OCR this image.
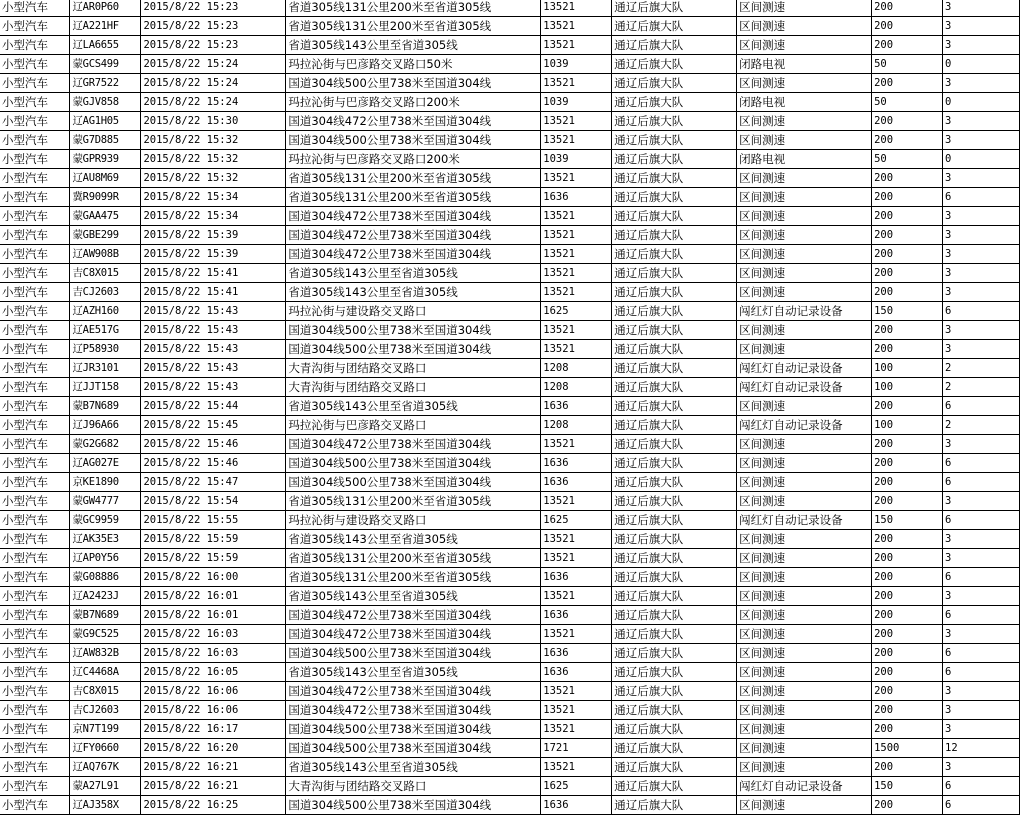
小型汽车	辽AR0P60	2015/8/22 15:23	省道305线131公里200米至省道305线	13521	通辽后旗大队	区间测速	200	3
小型汽车	辽A221HF	2015/8/22 15:23	省道305线131公里200米至省道305线	13521	通辽后旗大队	区间测速	200	3
小型汽车	辽LA6655	2015/8/22 15:23	省道305线143公里至省道305线	13521	通辽后旗大队	区间测速	200	3
小型汽车	蒙GCS499	2015/8/22 15:24	玛拉沁街与巴彦路交叉路口50米	1039	通辽后旗大队	闭路电视	50	0
小型汽车	辽GR7522	2015/8/22 15:24	国道304线500公里738米至国道304线	13521	通辽后旗大队	区间测速	200	3
小型汽车	蒙GJV858	2015/8/22 15:24	玛拉沁街与巴彦路交叉路口200米	1039	通辽后旗大队	闭路电视	50	0
小型汽车	辽AG1H05	2015/8/22 15:30	国道304线472公里738米至国道304线	13521	通辽后旗大队	区间测速	200	3
小型汽车	蒙G7D885	2015/8/22 15:32	国道304线500公里738米至国道304线	13521	通辽后旗大队	区间测速	200	3
小型汽车	蒙GPR939	2015/8/22 15:32	玛拉沁街与巴彦路交叉路口200米	1039	通辽后旗大队	闭路电视	50	0
小型汽车	辽AU8M69	2015/8/22 15:32	省道305线131公里200米至省道305线	13521	通辽后旗大队	区间测速	200	3
小型汽车	冀R9099R	2015/8/22 15:34	省道305线131公里200米至省道305线	1636	通辽后旗大队	区间测速	200	6
小型汽车	蒙GAA475	2015/8/22 15:34	国道304线472公里738米至国道304线	13521	通辽后旗大队	区间测速	200	3
小型汽车	蒙GBE299	2015/8/22 15:39	国道304线472公里738米至国道304线	13521	通辽后旗大队	区间测速	200	3
小型汽车	辽AW908B	2015/8/22 15:39	国道304线472公里738米至国道304线	13521	通辽后旗大队	区间测速	200	3
小型汽车	吉C8X015	2015/8/22 15:41	省道305线143公里至省道305线	13521	通辽后旗大队	区间测速	200	3
小型汽车	吉CJ2603	2015/8/22 15:41	省道305线143公里至省道305线	13521	通辽后旗大队	区间测速	200	3
小型汽车	辽AZH160	2015/8/22 15:43	玛拉沁街与建设路交叉路口	1625	通辽后旗大队	闯红灯自动记录设备	150	6
小型汽车	辽AE517G	2015/8/22 15:43	国道304线500公里738米至国道304线	13521	通辽后旗大队	区间测速	200	3
小型汽车	辽P58930	2015/8/22 15:43	国道304线500公里738米至国道304线	13521	通辽后旗大队	区间测速	200	3
小型汽车	辽JR3101	2015/8/22 15:43	大青沟街与团结路交叉路口	1208	通辽后旗大队	闯红灯自动记录设备	100	2
小型汽车	辽JJT158	2015/8/22 15:43	大青沟街与团结路交叉路口	1208	通辽后旗大队	闯红灯自动记录设备	100	2
小型汽车	蒙B7N689	2015/8/22 15:44	省道305线143公里至省道305线	1636	通辽后旗大队	区间测速	200	6
小型汽车	辽J96A66	2015/8/22 15:45	玛拉沁街与巴彦路交叉路口	1208	通辽后旗大队	闯红灯自动记录设备	100	2
小型汽车	蒙G2G682	2015/8/22 15:46	国道304线472公里738米至国道304线	13521	通辽后旗大队	区间测速	200	3
小型汽车	辽AG027E	2015/8/22 15:46	国道304线500公里738米至国道304线	1636	通辽后旗大队	区间测速	200	6
小型汽车	京KE1890	2015/8/22 15:47	国道304线500公里738米至国道304线	1636	通辽后旗大队	区间测速	200	6
小型汽车	蒙GW4777	2015/8/22 15:54	省道305线131公里200米至省道305线	13521	通辽后旗大队	区间测速	200	3
小型汽车	蒙GC9959	2015/8/22 15:55	玛拉沁街与建设路交叉路口	1625	通辽后旗大队	闯红灯自动记录设备	150	6
小型汽车	辽AK35E3	2015/8/22 15:59	省道305线143公里至省道305线	13521	通辽后旗大队	区间测速	200	3
小型汽车	辽AP0Y56	2015/8/22 15:59	省道305线131公里200米至省道305线	13521	通辽后旗大队	区间测速	200	3
小型汽车	蒙G08886	2015/8/22 16:00	省道305线131公里200米至省道305线	1636	通辽后旗大队	区间测速	200	6
小型汽车	辽A2423J	2015/8/22 16:01	省道305线143公里至省道305线	13521	通辽后旗大队	区间测速	200	3
小型汽车	蒙B7N689	2015/8/22 16:01	国道304线472公里738米至国道304线	1636	通辽后旗大队	区间测速	200	6
小型汽车	蒙G9C525	2015/8/22 16:03	国道304线472公里738米至国道304线	13521	通辽后旗大队	区间测速	200	3
小型汽车	辽AW832B	2015/8/22 16:03	国道304线500公里738米至国道304线	1636	通辽后旗大队	区间测速	200	6
小型汽车	辽C4468A	2015/8/22 16:05	省道305线143公里至省道305线	1636	通辽后旗大队	区间测速	200	6
小型汽车	吉C8X015	2015/8/22 16:06	国道304线472公里738米至国道304线	13521	通辽后旗大队	区间测速	200	3
小型汽车	吉CJ2603	2015/8/22 16:06	国道304线472公里738米至国道304线	13521	通辽后旗大队	区间测速	200	3
小型汽车	京N7T199	2015/8/22 16:17	国道304线500公里738米至国道304线	13521	通辽后旗大队	区间测速	200	3
小型汽车	辽FY0660	2015/8/22 16:20	国道304线500公里738米至国道304线	1721	通辽后旗大队	区间测速	1500	12
小型汽车	辽AQ767K	2015/8/22 16:21	省道305线143公里至省道305线	13521	通辽后旗大队	区间测速	200	3
小型汽车	蒙A27L91	2015/8/22 16:21	大青沟街与团结路交叉路口	1625	通辽后旗大队	闯红灯自动记录设备	150	6
小型汽车	辽AJ358X	2015/8/22 16:25	国道304线500公里738米至国道304线	1636	通辽后旗大队	区间测速	200	6
